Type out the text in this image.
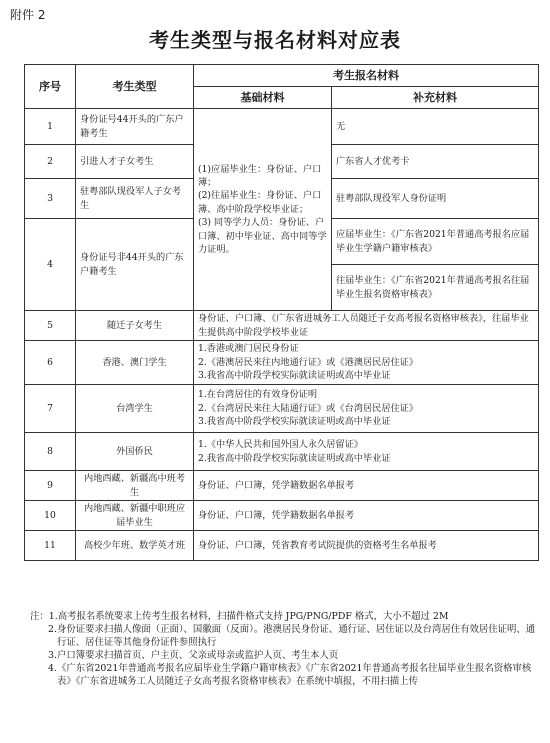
附件 2
考生类型与报名材料对应表
序号	考生类型	考生报名材料	
		基础材料	补充材料
1	身份证号44开头的广东户籍考生	(1)应届毕业生：身份证、户口簿；
(2)往届毕业生：身份证、户口簿、高中阶段学校毕业证；
(3) 同等学力人员：身份证、户口簿、初中毕业证、高中同等学力证明。	无
2	引进人才子女考生		广东省人才优考卡
3	驻粤部队现役军人子女考生		驻粤部队现役军人身份证明
4	身份证号非44开头的广东户籍考生		应届毕业生：《广东省2021年普通高考报名应届毕业生学籍户籍审核表》
			往届毕业生：《广东省2021年普通高考报名往届毕业生报名资格审核表》
5	随迁子女考生	身份证、户口簿、《广东省进城务工人员随迁子女高考报名资格审核表》，往届毕业生提供高中阶段学校毕业证	
6	香港、澳门学生	1.香港或澳门居民身份证
2.《港澳居民来往内地通行证》或《港澳居民居住证》
3.我省高中阶段学校实际就读证明或高中毕业证	

7	台湾学生	1.在台湾居住的有效身份证明
2.《台湾居民来往大陆通行证》或《台湾居民居住证》
3.我省高中阶段学校实际就读证明或高中毕业证	

8	外国侨民	1.《中华人民共和国外国人永久居留证》
2.我省高中阶段学校实际就读证明或高中毕业证	

9	内地西藏、新疆高中班考生	身份证、户口簿，凭学籍数据名单报考	
10	内地西藏、新疆中职班应届毕业生	身份证、户口簿，凭学籍数据名单报考	
11	高校少年班、数学英才班	身份证、户口簿，凭省教育考试院提供的资格考生名单报考	
注：1. 高考报名系统要求上传考生报名材料，扫描件格式支持 JPG/PNG/PDF 格式，大小不超过 2M
2. 身份证要求扫描人像面（正面）、国徽面（反面）。港澳居民身份证、通行证、居住证以及台湾居住有效居住证明、通行证、居住证等其他身份证件参照执行
3. 户口簿要求扫描首页、户主页、父亲或母亲或监护人页、考生本人页
4. 《广东省2021年普通高考报名应届毕业生学籍户籍审核表》《广东省2021年普通高考报名往届毕业生报名资格审核表》《广东省进城务工人员随迁子女高考报名资格审核表》在系统中填报，不用扫描上传
